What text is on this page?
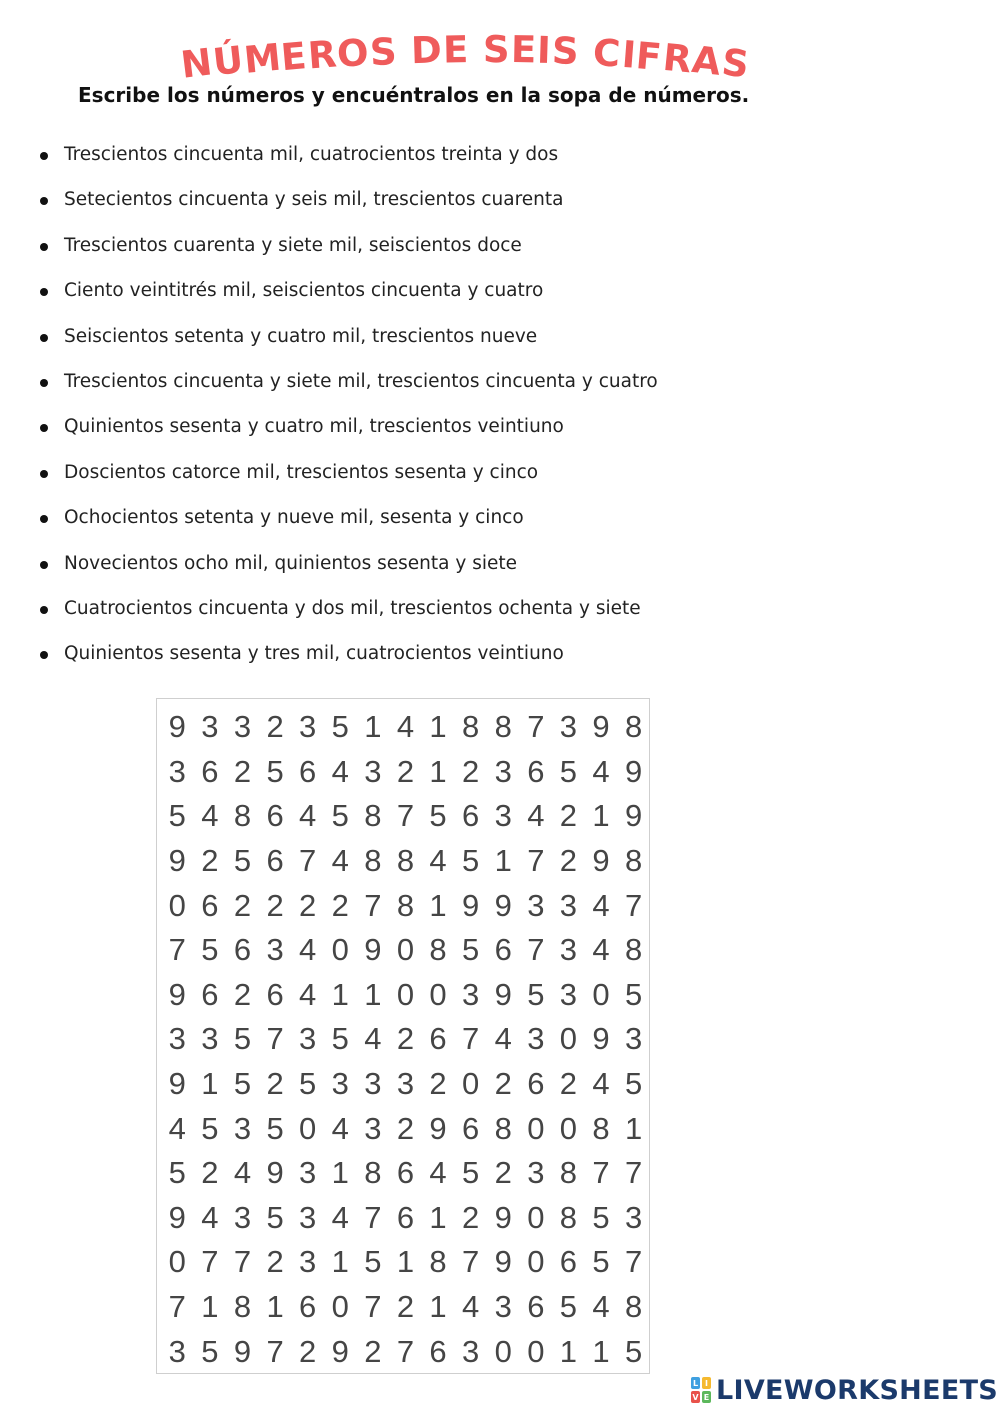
NÚMEROS DE SEIS CIFRAS
Escribe los números y encuéntralos en la sopa de números.
Trescientos cincuenta mil, cuatrocientos treinta y dos
Setecientos cincuenta y seis mil, trescientos cuarenta
Trescientos cuarenta y siete mil, seiscientos doce
Ciento veintitrés mil, seiscientos cincuenta y cuatro
Seiscientos setenta y cuatro mil, trescientos nueve
Trescientos cincuenta y siete mil, trescientos cincuenta y cuatro
Quinientos sesenta y cuatro mil, trescientos veintiuno
Doscientos catorce mil, trescientos sesenta y cinco
Ochocientos setenta y nueve mil, sesenta y cinco
Novecientos ocho mil, quinientos sesenta y siete
Cuatrocientos cincuenta y dos mil, trescientos ochenta y siete
Quinientos sesenta y tres mil, cuatrocientos veintiuno
9 3 3 2 3 5 1 4 1 8 8 7 3 9 8
3 6 2 5 6 4 3 2 1 2 3 6 5 4 9
5 4 8 6 4 5 8 7 5 6 3 4 2 1 9
9 2 5 6 7 4 8 8 4 5 1 7 2 9 8
0 6 2 2 2 2 7 8 1 9 9 3 3 4 7
7 5 6 3 4 0 9 0 8 5 6 7 3 4 8
9 6 2 6 4 1 1 0 0 3 9 5 3 0 5
3 3 5 7 3 5 4 2 6 7 4 3 0 9 3
9 1 5 2 5 3 3 3 2 0 2 6 2 4 5
4 5 3 5 0 4 3 2 9 6 8 0 0 8 1
5 2 4 9 3 1 8 6 4 5 2 3 8 7 7
9 4 3 5 3 4 7 6 1 2 9 0 8 5 3
0 7 7 2 3 1 5 1 8 7 9 0 6 5 7
7 1 8 1 6 0 7 2 1 4 3 6 5 4 8
3 5 9 7 2 9 2 7 6 3 0 0 1 1 5
L I
V E LIVEWORKSHEETS
